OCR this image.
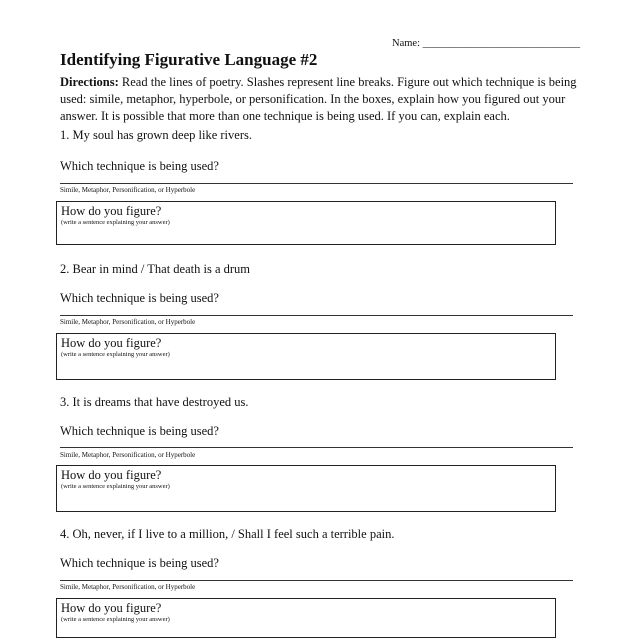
Name: ______________________________
Identifying Figurative Language #2
Directions: Read the lines of poetry. Slashes represent line breaks. Figure out which technique is being used: simile, metaphor, hyperbole, or personification. In the boxes, explain how you figured out your answer. It is possible that more than one technique is being used. If you can, explain each.
1. My soul has grown deep like rivers.
Which technique is being used?
Simile, Metaphor, Personification, or Hyperbole
How do you figure?
(write a sentence explaining your answer)
2. Bear in mind / That death is a drum
Which technique is being used?
Simile, Metaphor, Personification, or Hyperbole
How do you figure?
(write a sentence explaining your answer)
3. It is dreams that have destroyed us.
Which technique is being used?
Simile, Metaphor, Personification, or Hyperbole
How do you figure?
(write a sentence explaining your answer)
4. Oh, never, if I live to a million, / Shall I feel such a terrible pain.
Which technique is being used?
Simile, Metaphor, Personification, or Hyperbole
How do you figure?
(write a sentence explaining your answer)
